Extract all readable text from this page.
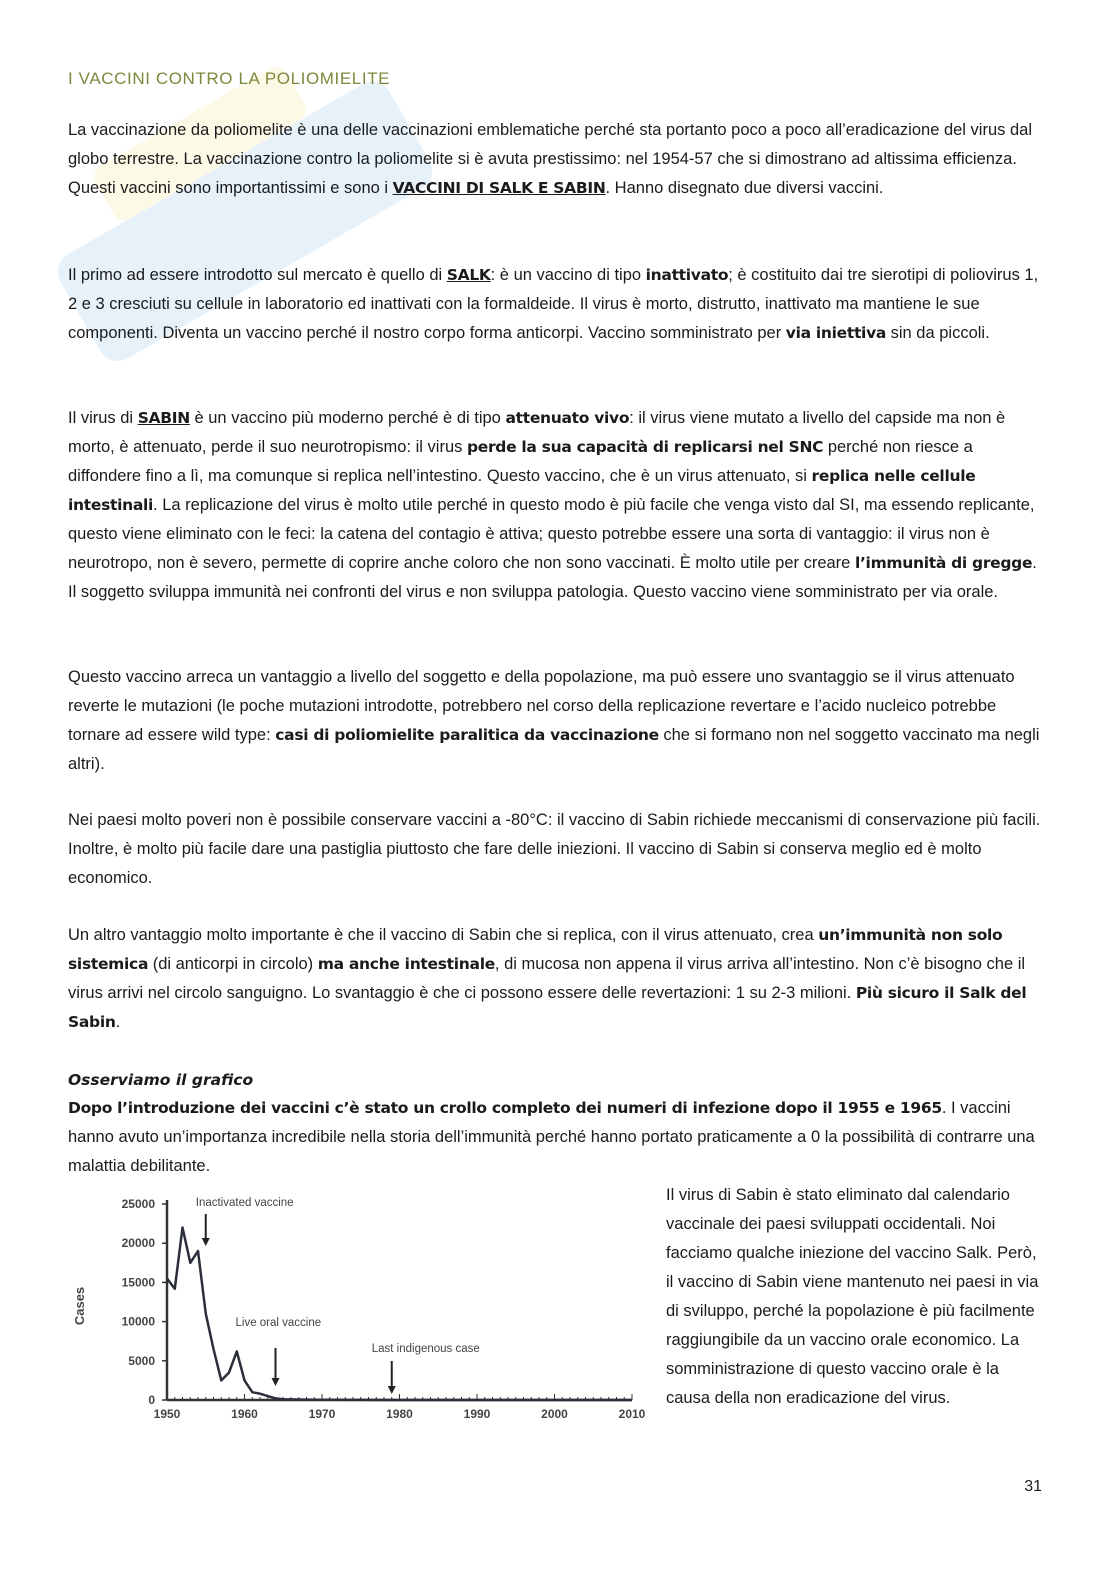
I VACCINI CONTRO LA POLIOMIELITE

La vaccinazione da poliomelite è una delle vaccinazioni emblematiche perché sta portanto poco a poco all’eradicazione del virus dal globo terrestre. La vaccinazione contro la poliomelite si è avuta prestissimo: nel 1954-57 che si dimostrano ad altissima efficienza. Questi vaccini sono importantissimi e sono i VACCINI DI SALK E SABIN. Hanno disegnato due diversi vaccini.

Il primo ad essere introdotto sul mercato è quello di SALK: è un vaccino di tipo inattivato; è costituito dai tre sierotipi di poliovirus 1, 2 e 3 cresciuti su cellule in laboratorio ed inattivati con la formaldeide. Il virus è morto, distrutto, inattivato ma mantiene le sue componenti. Diventa un vaccino perché il nostro corpo forma anticorpi. Vaccino somministrato per via iniettiva sin da piccoli.

Il virus di SABIN è un vaccino più moderno perché è di tipo attenuato vivo: il virus viene mutato a livello del capside ma non è morto, è attenuato, perde il suo neurotropismo: il virus perde la sua capacità di replicarsi nel SNC perché non riesce a diffondere fino a lì, ma comunque si replica nell’intestino. Questo vaccino, che è un virus attenuato, si replica nelle cellule intestinali. La replicazione del virus è molto utile perché in questo modo è più facile che venga visto dal SI, ma essendo replicante, questo viene eliminato con le feci: la catena del contagio è attiva; questo potrebbe essere una sorta di vantaggio: il virus non è neurotropo, non è severo, permette di coprire anche coloro che non sono vaccinati. È molto utile per creare l’immunità di gregge. Il soggetto sviluppa immunità nei confronti del virus e non sviluppa patologia. Questo vaccino viene somministrato per via orale.

Questo vaccino arreca un vantaggio a livello del soggetto e della popolazione, ma può essere uno svantaggio se il virus attenuato reverte le mutazioni (le poche mutazioni introdotte, potrebbero nel corso della replicazione revertare e l’acido nucleico potrebbe tornare ad essere wild type: casi di poliomielite paralitica da vaccinazione che si formano non nel soggetto vaccinato ma negli altri).

Nei paesi molto poveri non è possibile conservare vaccini a -80°C: il vaccino di Sabin richiede meccanismi di conservazione più facili. Inoltre, è molto più facile dare una pastiglia piuttosto che fare delle iniezioni. Il vaccino di Sabin si conserva meglio ed è molto economico.

Un altro vantaggio molto importante è che il vaccino di Sabin che si replica, con il virus attenuato, crea un’immunità non solo sistemica (di anticorpi in circolo) ma anche intestinale, di mucosa non appena il virus arriva all’intestino. Non c’è bisogno che il virus arrivi nel circolo sanguigno. Lo svantaggio è che ci possono essere delle revertazioni: 1 su 2-3 milioni. Più sicuro il Salk del Sabin.

Osserviamo il grafico

Dopo l’introduzione dei vaccini c’è stato un crollo completo dei numeri di infezione dopo il 1955 e 1965. I vaccini hanno avuto un’importanza incredibile nella storia dell’immunità perché hanno portato praticamente a 0 la possibilità di contrarre una malattia debilitante.

Cases
0
5000
10000
15000
20000
25000
1950	1960	1970	1980	1990	2000	2010
Inactivated vaccine
Live oral vaccine
Last indigenous case

Il virus di Sabin è stato eliminato dal calendario vaccinale dei paesi sviluppati occidentali. Noi facciamo qualche iniezione del vaccino Salk. Però, il vaccino di Sabin viene mantenuto nei paesi in via di sviluppo, perché la popolazione è più facilmente raggiungibile da un vaccino orale economico. La somministrazione di questo vaccino orale è la causa della non eradicazione del virus.

31
